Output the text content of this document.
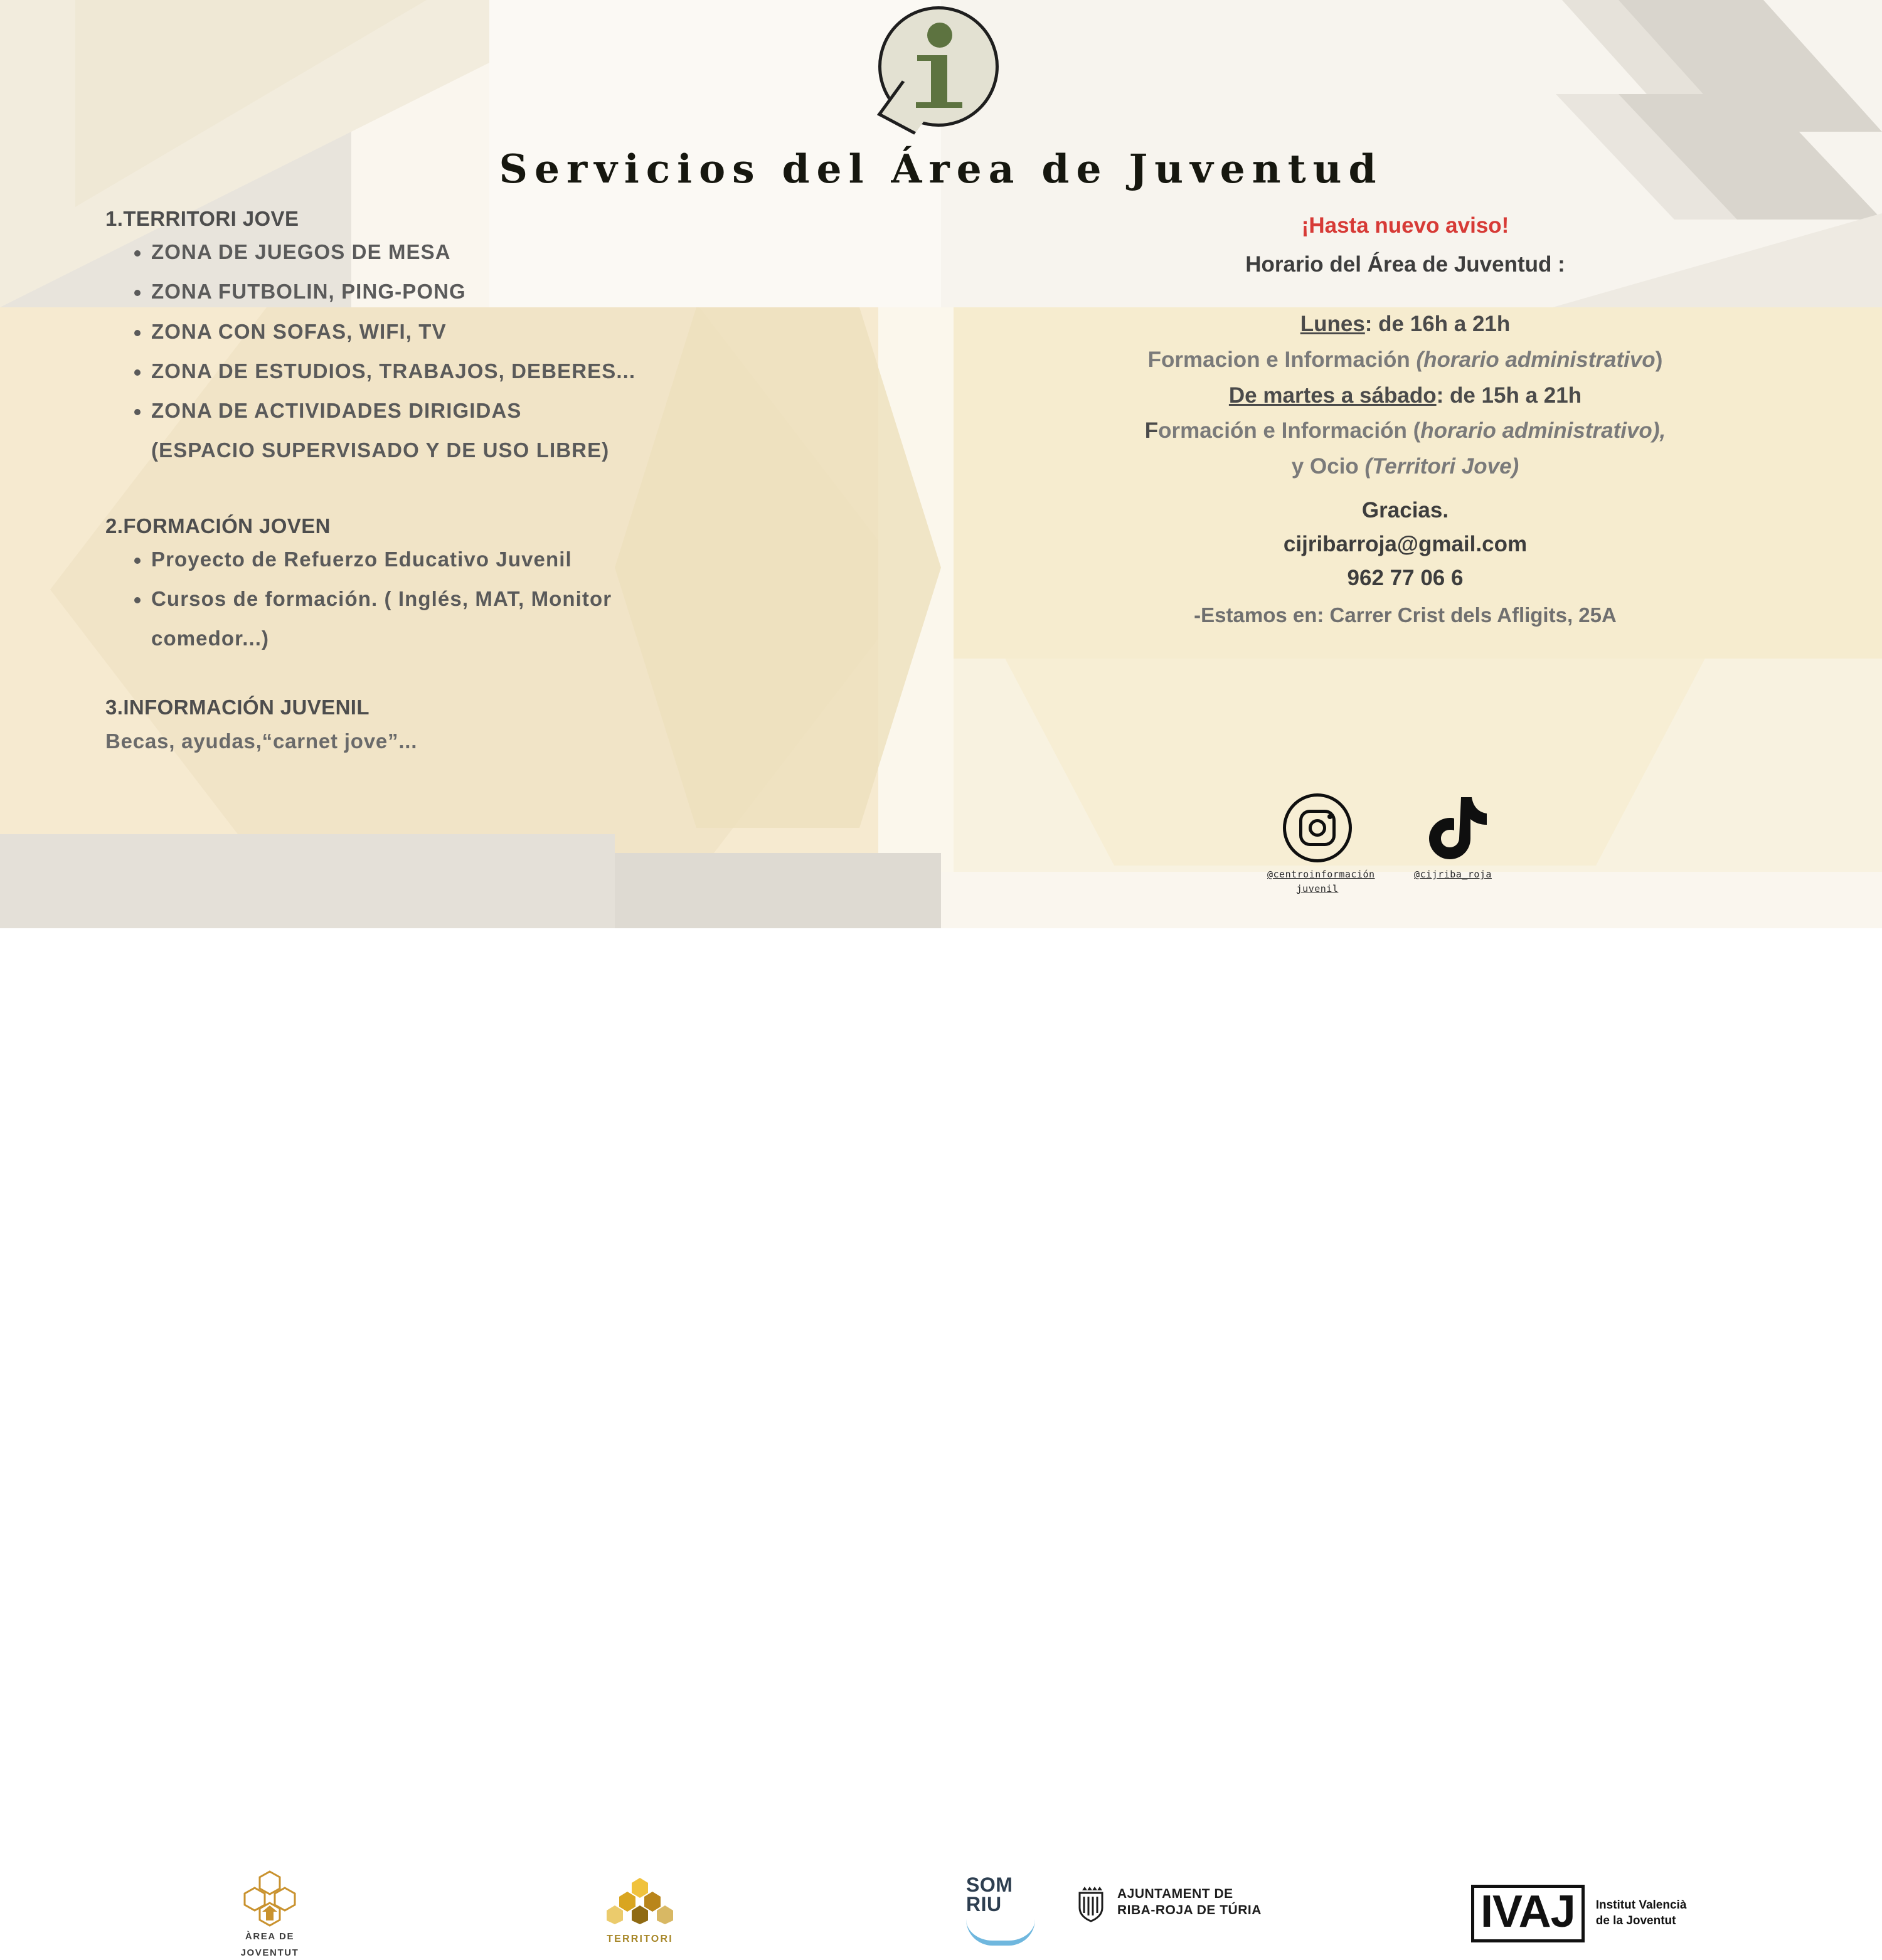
Servicios del Área de Juventud
1.TERRITORI JOVE
ZONA DE JUEGOS DE MESA
ZONA FUTBOLIN, PING-PONG
ZONA CON SOFAS, WIFI, TV
ZONA DE ESTUDIOS, TRABAJOS, DEBERES...
ZONA DE ACTIVIDADES DIRIGIDAS
(ESPACIO SUPERVISADO Y DE USO LIBRE)
2.FORMACIÓN JOVEN
Proyecto de Refuerzo Educativo Juvenil
Cursos de formación. ( Inglés, MAT, Monitor
comedor...)
3.INFORMACIÓN JUVENIL
Becas, ayudas,“carnet jove”...
¡Hasta nuevo aviso!
Horario del Área de Juventud :
Lunes: de 16h a 21h
Formacion e Información (horario administrativo)
De martes a sábado: de 15h a 21h
Formación e Información (horario administrativo),
y Ocio (Territori Jove)
Gracias.
cijribarroja@gmail.com
962 77 06 6
-Estamos en: Carrer Crist dels Afligits, 25A
@centroinformación juvenil
@cijriba_roja
ÀREA DE
JOVENTUT
TERRITORI
SOM
RIU	AJUNTAMENT DE
RIBA-ROJA DE TÚRIA	IVAJ	Institut Valencià
de la Joventut
